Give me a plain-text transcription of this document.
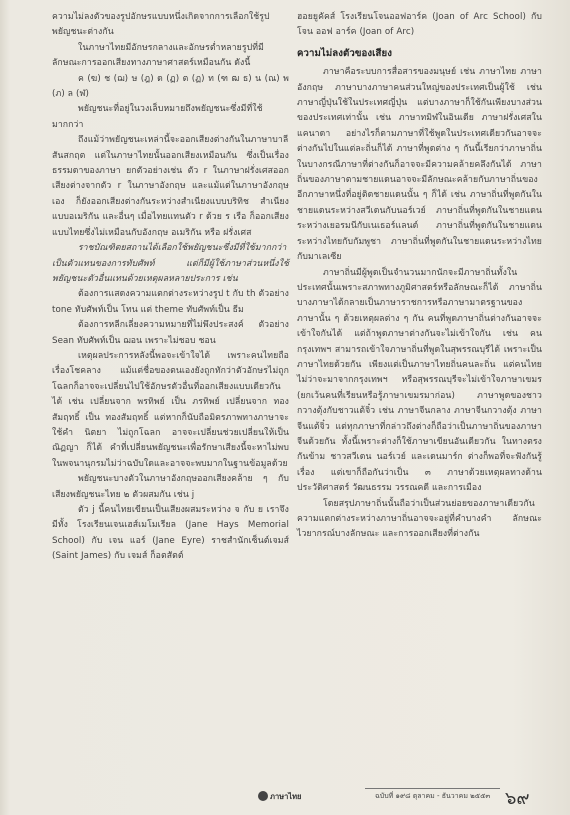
ความไม่ลงตัวของรูปอักษรแบบหนึ่งเกิดจากการเลือกใช้รูปพยัญชนะต่างกัน

ในภาษาไทยมีอักษรกลางและอักษรต่ำหลายรูปที่มีลักษณะการออกเสียงทางภาษาศาสตร์เหมือนกัน ดังนี้

ค (ฆ) ช (ฌ) ษ (ฎ) ด (ฏ) ต (ฏ) ท (ฑ ฒ ธ) น (ณ) พ (ภ) ล (ฬ)

พยัญชนะที่อยู่ในวงเล็บหมายถึงพยัญชนะซึ่งมีที่ใช้มากกว่า

ถึงแม้ว่าพยัญชนะเหล่านี้จะออกเสียงต่างกันในภาษาบาลีสันสกฤต แต่ในภาษาไทยนั้นออกเสียงเหมือนกัน ซึ่งเป็นเรื่องธรรมดาของภาษา ยกตัวอย่างเช่น ตัว r ในภาษาฝรั่งเศสออกเสียงต่างจากตัว r ในภาษาอังกฤษ และแม้แต่ในภาษาอังกฤษเอง ก็ยังออกเสียงต่างกันระหว่างสำเนียงแบบบริทิช สำเนียงแบบอเมริกัน และอื่นๆ เมื่อไทยแทนตัว r ด้วย ร เรือ ก็ออกเสียงแบบไทยซึ่งไม่เหมือนกับอังกฤษ อเมริกัน หรือ ฝรั่งเศส

ราชบัณฑิตยสถานได้เลือกใช้พยัญชนะซึ่งมีที่ใช้มากกว่าเป็นตัวแทนของการทับศัพท์ แต่ก็มีผู้ใช้ภาษาส่วนหนึ่งใช้พยัญชนะตัวอื่นแทนด้วยเหตุผลหลายประการ เช่น

ต้องการแสดงความแตกต่างระหว่างรูป t กับ th ตัวอย่าง tone ทับศัพท์เป็น โทน แต่ theme ทับศัพท์เป็น ธีม

ต้องการหลีกเลี่ยงความหมายที่ไม่พึงประสงค์ ตัวอย่าง Sean ทับศัพท์เป็น ฌอน เพราะไม่ชอบ ชอน

เหตุผลประการหลังนี้พอจะเข้าใจได้ เพราะคนไทยถือเรื่องโชคลาง แม้แต่ชื่อของตนเองยังถูกทักว่าตัวอักษรไม่ถูกโฉลกก็อาจจะเปลี่ยนไปใช้อักษรตัวอื่นที่ออกเสียงแบบเดียวกันได้ เช่น เปลี่ยนจาก พรทิพย์ เป็น ภรทิพย์ เปลี่ยนจาก ทองสัมฤทธิ์ เป็น ทองสัมฤทธิ์ แต่หากก็นับถือมิตรภาพทางภาษาจะใช้คำ นิตยา ไม่ถูกโฉลก อาจจะเปลี่ยนช่วยเปลี่ยนให้เป็น ณิฏญา ก็ได้ คำที่เปลี่ยนพยัญชนะเพื่อรักษาเสียงนี้จะหาไม่พบในพจนานุกรมไม่ว่าฉบับใดและอาจจะพบมากในฐานข้อมูลด้วย

พยัญชนะบางตัวในภาษาอังกฤษออกเสียงคล้าย ๆ กับเสียงพยัญชนะไทย ๒ ตัวผสมกัน เช่น j

ตัว j นี้คนไทยเขียนเป็นเสียงผสมระหว่าง จ กับ ย เราจึงมีทั้ง โรงเรียนเจนเฮส์เมโมเรียล (Jane Hays Memorial School) กับ เจน แอร์ (Jane Eyre) ราชสำนักเซ็นต์เจมส์ (Saint James) กับ เจมส์ ก็อตสัตต์

ฮอยยูคัคส์ โรงเรียนโจนออฟอาร์ค (Joan of Arc School) กับ โจน ออฟ อาร์ค (Joan of Arc)

ความไม่ลงตัวของเสียง

ภาษาคือระบบการสื่อสารของมนุษย์ เช่น ภาษาไทย ภาษาอังกฤษ ภาษาบางภาษาคนส่วนใหญ่ของประเทศเป็นผู้ใช้ เช่น ภาษาญี่ปุ่นใช้ในประเทศญี่ปุ่น แต่บางภาษาก็ใช้กันเพียงบางส่วนของประเทศเท่านั้น เช่น ภาษาทมิฬในอินเดีย ภาษาฝรั่งเศสในแคนาดา อย่างไรก็ตามภาษาที่ใช้พูดในประเทศเดียวกันอาจจะต่างกันไปในแต่ละถิ่นก็ได้ ภาษาที่พูดต่าง ๆ กันนี้เรียกว่าภาษาถิ่นในบางกรณีภาษาที่ต่างกันก็อาจจะมีความคล้ายคลึงกันได้ ภาษาถิ่นของภาษาตามชายแดนอาจจะมีลักษณะคล้ายกับภาษาถิ่นของอีกภาษาหนึ่งที่อยู่ติดชายแดนนั้น ๆ ก็ได้ เช่น ภาษาถิ่นที่พูดกันในชายแดนระหว่างสวีเดนกับนอร์เวย์ ภาษาถิ่นที่พูดกันในชายแดนระหว่างเยอรมนีกับเนเธอร์แลนด์ ภาษาถิ่นที่พูดกันในชายแดนระหว่างไทยกับกัมพูชา ภาษาถิ่นที่พูดกันในชายแดนระหว่างไทยกับมาเลเซีย

ภาษาถิ่นมีผู้พูดเป็นจำนวนมากนักจะมีภาษาถิ่นทั้งในประเทศนั้นเพราะสภาพทางภูมิศาสตร์หรือลักษณะก็ได้ ภาษาถิ่นบางภาษาได้กลายเป็นภาษาราชการหรือภาษามาตรฐานของภาษานั้น ๆ ด้วยเหตุผลต่าง ๆ กัน คนที่พูดภาษาถิ่นต่างกันอาจจะเข้าใจกันได้ แต่ถ้าพูดภาษาต่างกันจะไม่เข้าใจกัน เช่น คนกรุงเทพฯ สามารถเข้าใจภาษาถิ่นที่พูดในสุพรรณบุรีได้ เพราะเป็นภาษาไทยด้วยกัน เพียงแต่เป็นภาษาไทยถิ่นคนละถิ่น แต่คนไทยไม่ว่าจะมาจากกรุงเทพฯ หรือสุพรรณบุรีจะไม่เข้าใจภาษาเขมร (ยกเว้นคนที่เรียนหรือรู้ภาษาเขมรมาก่อน) ภาษาพูดของชาวกวางตุ้งกับชาวแต้จิ๋ว เช่น ภาษาจีนกลาง ภาษาจีนกวางตุ้ง ภาษาจีนแต้จิ๋ว แต่ทุกภาษาที่กล่าวถึงต่างก็ถือว่าเป็นภาษาถิ่นของภาษาจีนด้วยกัน ทั้งนี้เพราะต่างก็ใช้ภาษาเขียนอันเดียวกัน ในทางตรงกันข้าม ชาวสวีเดน นอร์เวย์ และเดนมาร์ก ต่างก็พอที่จะฟังกันรู้เรื่อง แต่เขาก็ถือกันว่าเป็น ๓ ภาษาด้วยเหตุผลทางด้านประวัติศาสตร์ วัฒนธรรม วรรณคดี และการเมือง

โดยสรุปภาษาถิ่นนั้นถือว่าเป็นส่วนย่อยของภาษาเดียวกัน ความแตกต่างระหว่างภาษาถิ่นอาจจะอยู่ที่คำบางคำ ลักษณะไวยากรณ์บางลักษณะ และการออกเสียงที่ต่างกัน

ภาษาไทย	ฉบับที่ ๑๙๘ ตุลาคม - ธันวาคม ๒๕๕๓ ๖๙
